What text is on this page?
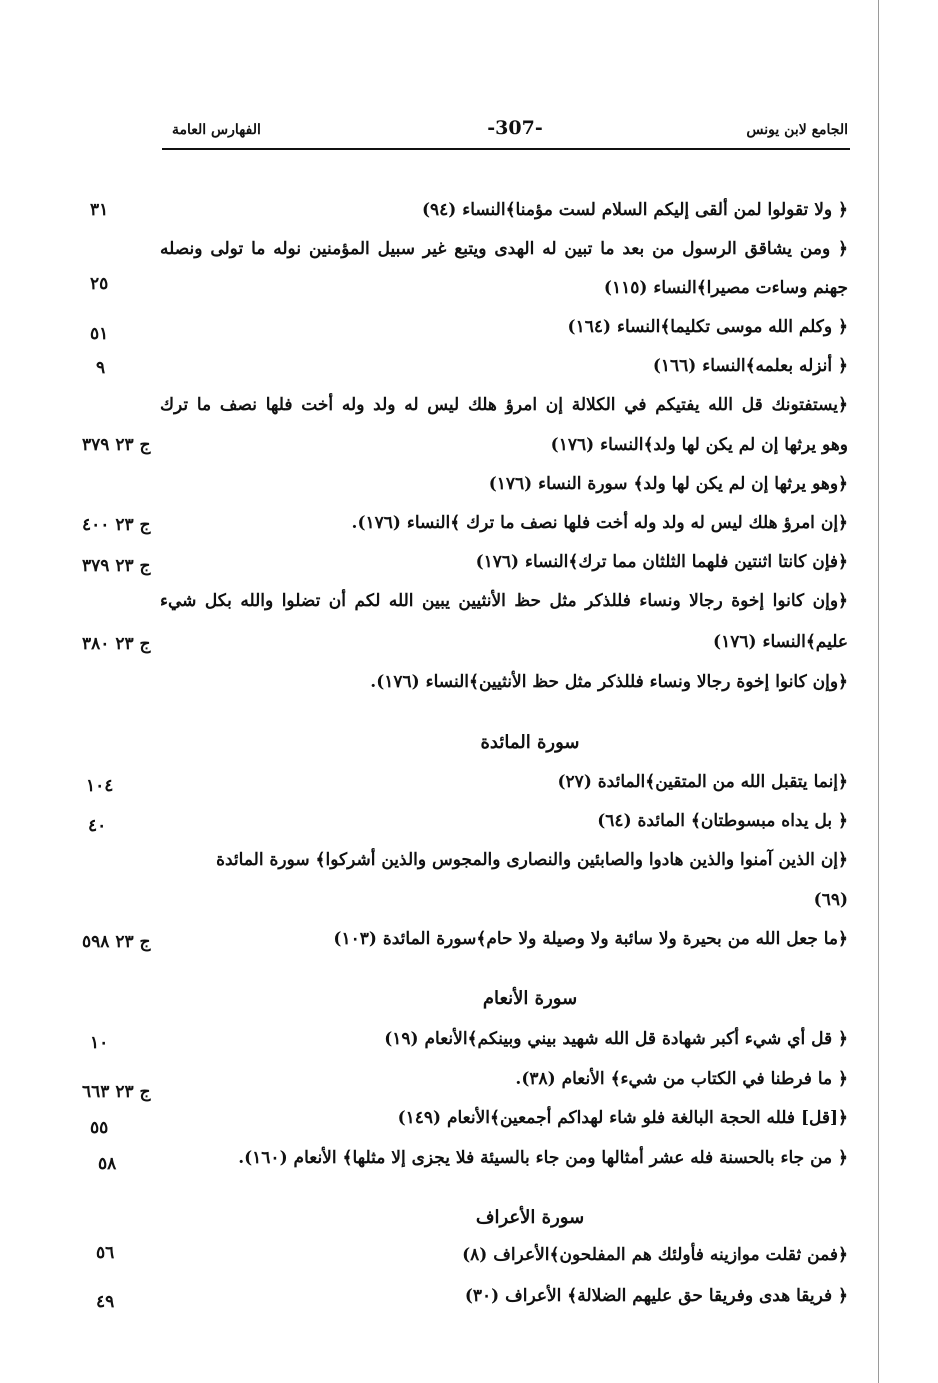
الجامع لابن يونس
-307-
الفهارس العامة
﴿ ولا تقولوا لمن ألقى إليكم السلام لست مؤمنا﴾النساء (٩٤)
٣١
﴿ ومن يشاقق الرسول من بعد ما تبين له الهدى ويتبع غير سبيل المؤمنين نوله ما تولى ونصله
جهنم وساءت مصيرا﴾النساء (١١٥)
٢٥
﴿ وكلم الله موسى تكليما﴾النساء (١٦٤)
٥١
﴿ أنزله بعلمه﴾النساء (١٦٦)
٩
﴿يستفتونك قل الله يفتيكم في الكلالة إن امرؤ هلك ليس له ولد وله أخت فلها نصف ما ترك
وهو يرثها إن لم يكن لها ولد﴾النساء (١٧٦)
ج ٢٣ ٣٧٩
﴿وهو يرثها إن لم يكن لها ولد﴾ سورة النساء (١٧٦)
﴿إن امرؤ هلك ليس له ولد وله أخت فلها نصف ما ترك ﴾النساء (١٧٦).
ج ٢٣ ٤٠٠
﴿فإن كانتا اثنتين فلهما الثلثان مما ترك﴾النساء (١٧٦)
ج ٢٣ ٣٧٩
﴿وإن كانوا إخوة رجالا ونساء فللذكر مثل حظ الأنثيين يبين الله لكم أن تضلوا والله بكل شيء
عليم﴾النساء (١٧٦)
ج ٢٣ ٣٨٠
﴿وإن كانوا إخوة رجالا ونساء فللذكر مثل حظ الأنثيين﴾النساء (١٧٦).
سورة المائدة
﴿إنما يتقبل الله من المتقين﴾المائدة (٢٧)
١٠٤
﴿ بل يداه مبسوطتان﴾ المائدة (٦٤)
٤٠
﴿إن الذين آمنوا والذين هادوا والصابئين والنصارى والمجوس والذين أشركوا﴾ سورة المائدة
(٦٩)
﴿ما جعل الله من بحيرة ولا سائبة ولا وصيلة ولا حام﴾سورة المائدة (١٠٣)
ج ٢٣ ٥٩٨
سورة الأنعام
﴿ قل أي شيء أكبر شهادة قل الله شهيد بيني وبينكم﴾الأنعام (١٩)
١٠
﴿ ما فرطنا في الكتاب من شيء﴾ الأنعام (٣٨).
ج ٢٣ ٦٦٣
﴿[قل] فلله الحجة البالغة فلو شاء لهداكم أجمعين﴾الأنعام (١٤٩)
٥٥
﴿ من جاء بالحسنة فله عشر أمثالها ومن جاء بالسيئة فلا يجزى إلا مثلها﴾ الأنعام (١٦٠).
٥٨
سورة الأعراف
﴿فمن ثقلت موازينه فأولئك هم المفلحون﴾الأعراف (٨)
٥٦
﴿ فريقا هدى وفريقا حق عليهم الضلالة﴾ الأعراف (٣٠)
٤٩
